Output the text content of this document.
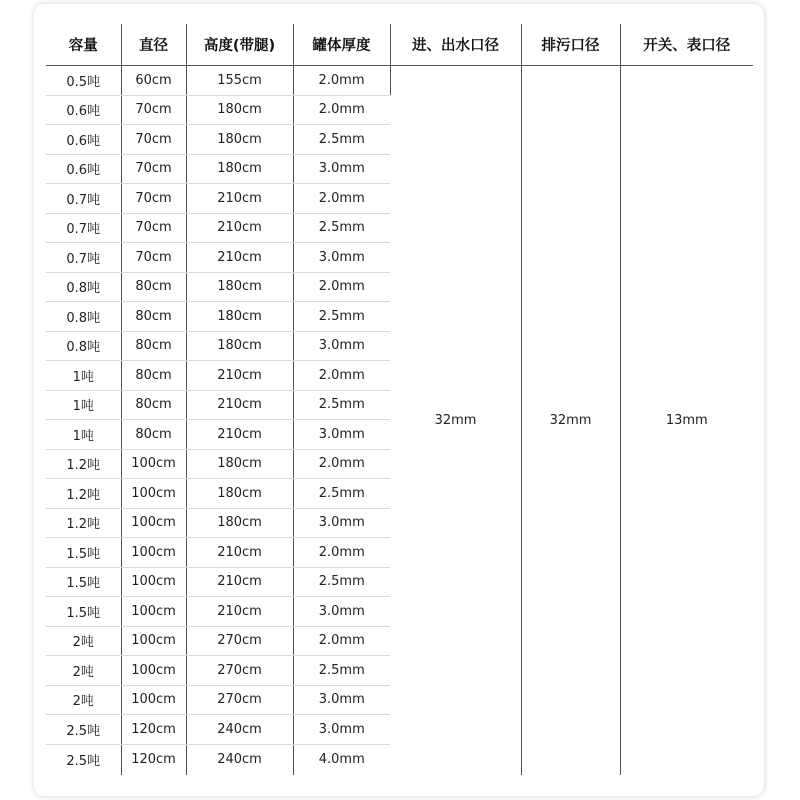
容量	直径	高度(带腿)	罐体厚度	进、出水口径	排污口径	开关、表口径
0.5吨	60cm	155cm	2.0mm	32mm	32mm	13mm
0.6吨	70cm	180cm	2.0mm			
0.6吨	70cm	180cm	2.5mm			
0.6吨	70cm	180cm	3.0mm			
0.7吨	70cm	210cm	2.0mm			
0.7吨	70cm	210cm	2.5mm			
0.7吨	70cm	210cm	3.0mm			
0.8吨	80cm	180cm	2.0mm			
0.8吨	80cm	180cm	2.5mm			
0.8吨	80cm	180cm	3.0mm			
1吨	80cm	210cm	2.0mm			
1吨	80cm	210cm	2.5mm			
1吨	80cm	210cm	3.0mm			
1.2吨	100cm	180cm	2.0mm			
1.2吨	100cm	180cm	2.5mm			
1.2吨	100cm	180cm	3.0mm			
1.5吨	100cm	210cm	2.0mm			
1.5吨	100cm	210cm	2.5mm			
1.5吨	100cm	210cm	3.0mm			
2吨	100cm	270cm	2.0mm			
2吨	100cm	270cm	2.5mm			
2吨	100cm	270cm	3.0mm			
2.5吨	120cm	240cm	3.0mm			
2.5吨	120cm	240cm	4.0mm			
